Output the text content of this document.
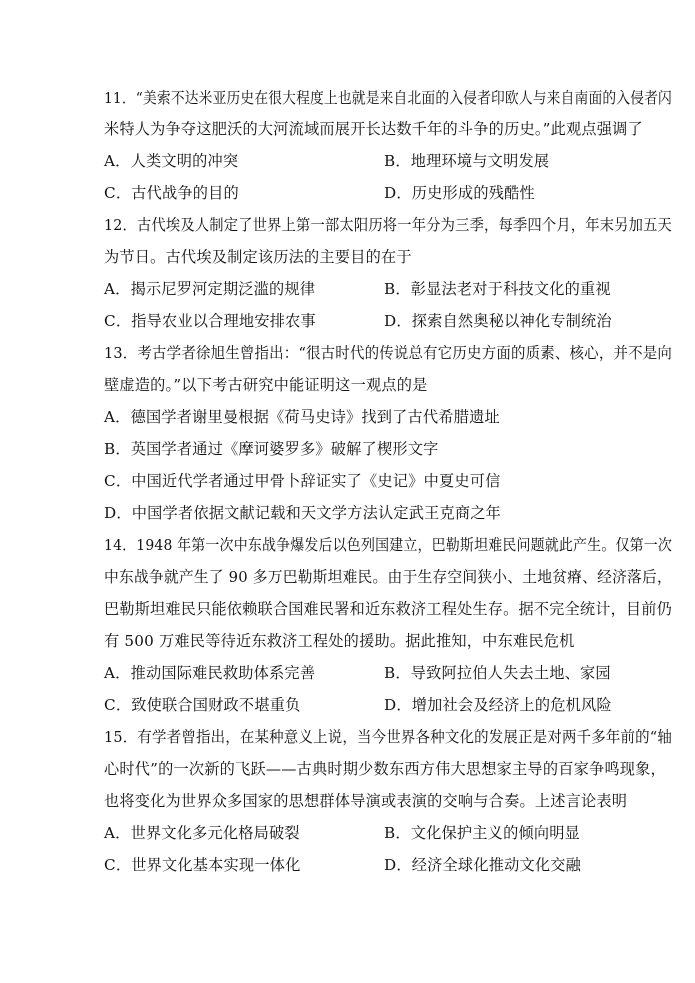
11．“美索不达米亚历史在很大程度上也就是来自北面的入侵者印欧人与来自南面的入侵者闪
米特人为争夺这肥沃的大河流域而展开长达数千年的斗争的历史。”此观点强调了
A．人类文明的冲突	B．地理环境与文明发展
C．古代战争的目的	D．历史形成的残酷性
12．古代埃及人制定了世界上第一部太阳历将一年分为三季，每季四个月，年末另加五天
为节日。古代埃及制定该历法的主要目的在于
A．揭示尼罗河定期泛滥的规律	B．彰显法老对于科技文化的重视
C．指导农业以合理地安排农事	D．探索自然奥秘以神化专制统治
13．考古学者徐旭生曾指出：“很古时代的传说总有它历史方面的质素、核心，并不是向
壁虚造的。”以下考古研究中能证明这一观点的是
A．德国学者谢里曼根据《荷马史诗》找到了古代希腊遗址
B．英国学者通过《摩诃婆罗多》破解了楔形文字
C．中国近代学者通过甲骨卜辞证实了《史记》中夏史可信
D．中国学者依据文献记载和天文学方法认定武王克商之年
14．1948 年第一次中东战争爆发后以色列国建立，巴勒斯坦难民问题就此产生。仅第一次
中东战争就产生了 90 多万巴勒斯坦难民。由于生存空间狭小、土地贫瘠、经济落后，
巴勒斯坦难民只能依赖联合国难民署和近东救济工程处生存。据不完全统计，目前仍
有 500 万难民等待近东救济工程处的援助。据此推知，中东难民危机
A．推动国际难民救助体系完善	B．导致阿拉伯人失去土地、家园
C．致使联合国财政不堪重负	D．增加社会及经济上的危机风险
15．有学者曾指出，在某种意义上说，当今世界各种文化的发展正是对两千多年前的“轴
心时代”的一次新的飞跃——古典时期少数东西方伟大思想家主导的百家争鸣现象，
也将变化为世界众多国家的思想群体导演或表演的交响与合奏。上述言论表明
A．世界文化多元化格局破裂	B．文化保护主义的倾向明显
C．世界文化基本实现一体化	D．经济全球化推动文化交融
